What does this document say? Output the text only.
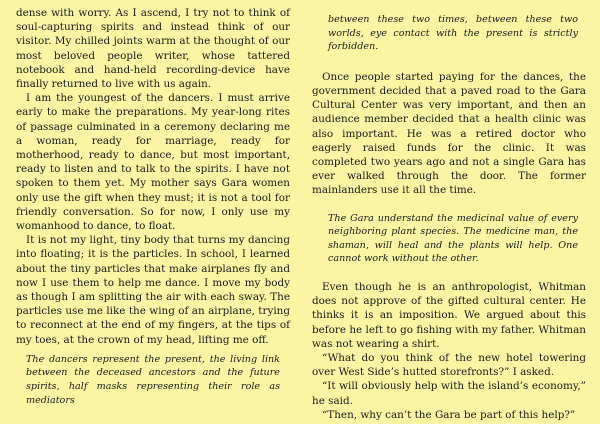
dense with worry. As I ascend, I try not to think of soul-capturing spirits and instead think of our visitor. My chilled joints warm at the thought of our most beloved people writer, whose tattered notebook and hand-held recording-device have finally returned to live with us again.

I am the youngest of the dancers. I must arrive early to make the preparations. My year-long rites of passage culminated in a ceremony declaring me a woman, ready for marriage, ready for motherhood, ready to dance, but most important, ready to listen and to talk to the spirits. I have not spoken to them yet. My mother says Gara women only use the gift when they must; it is not a tool for friendly conversation. So for now, I only use my womanhood to dance, to float.

It is not my light, tiny body that turns my dancing into floating; it is the particles. In school, I learned about the tiny particles that make airplanes fly and now I use them to help me dance. I move my body as though I am splitting the air with each sway. The particles use me like the wing of an airplane, trying to reconnect at the end of my fingers, at the tips of my toes, at the crown of my head, lifting me off.

The dancers represent the present, the living link between the deceased ancestors and the future spirits, half masks representing their role as mediators

between these two times, between these two worlds, eye contact with the present is strictly forbidden.

Once people started paying for the dances, the government decided that a paved road to the Gara Cultural Center was very important, and then an audience member decided that a health clinic was also important. He was a retired doctor who eagerly raised funds for the clinic. It was completed two years ago and not a single Gara has ever walked through the door. The former mainlanders use it all the time.

The Gara understand the medicinal value of every neighboring plant species. The medicine man, the shaman, will heal and the plants will help. One cannot work without the other.

Even though he is an anthropologist, Whitman does not approve of the gifted cultural center. He thinks it is an imposition. We argued about this before he left to go fishing with my father. Whitman was not wearing a shirt.

“What do you think of the new hotel towering over West Side’s hutted storefronts?” I asked.

“It will obviously help with the island’s economy,” he said.

“Then, why can’t the Gara be part of this help?”
